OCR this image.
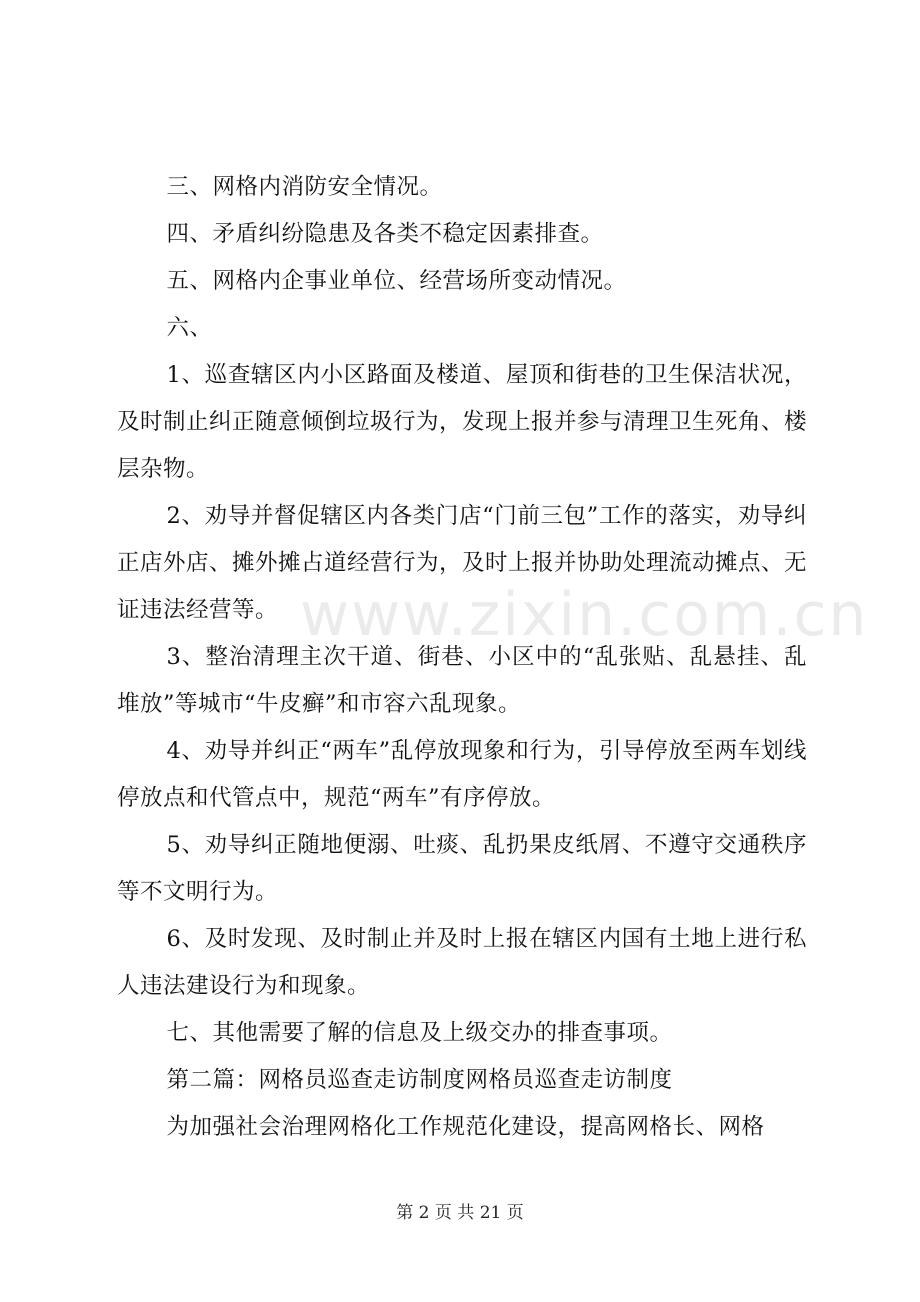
三、网格内消防安全情况。

四、矛盾纠纷隐患及各类不稳定因素排查。

五、网格内企事业单位、经营场所变动情况。

六、

1、巡查辖区内小区路面及楼道、屋顶和街巷的卫生保洁状况，及时制止纠正随意倾倒垃圾行为，发现上报并参与清理卫生死角、楼层杂物。

2、劝导并督促辖区内各类门店“门前三包”工作的落实，劝导纠正店外店、摊外摊占道经营行为，及时上报并协助处理流动摊点、无证违法经营等。

3、整治清理主次干道、街巷、小区中的“乱张贴、乱悬挂、乱堆放”等城市“牛皮癣”和市容六乱现象。

4、劝导并纠正“两车”乱停放现象和行为，引导停放至两车划线停放点和代管点中，规范“两车”有序停放。

5、劝导纠正随地便溺、吐痰、乱扔果皮纸屑、不遵守交通秩序等不文明行为。

6、及时发现、及时制止并及时上报在辖区内国有土地上进行私人违法建设行为和现象。

七、其他需要了解的信息及上级交办的排查事项。

第二篇：网格员巡查走访制度网格员巡查走访制度

为加强社会治理网格化工作规范化建设，提高网格长、网格

www.zixin.com.cn
第 2 页 共 21 页
